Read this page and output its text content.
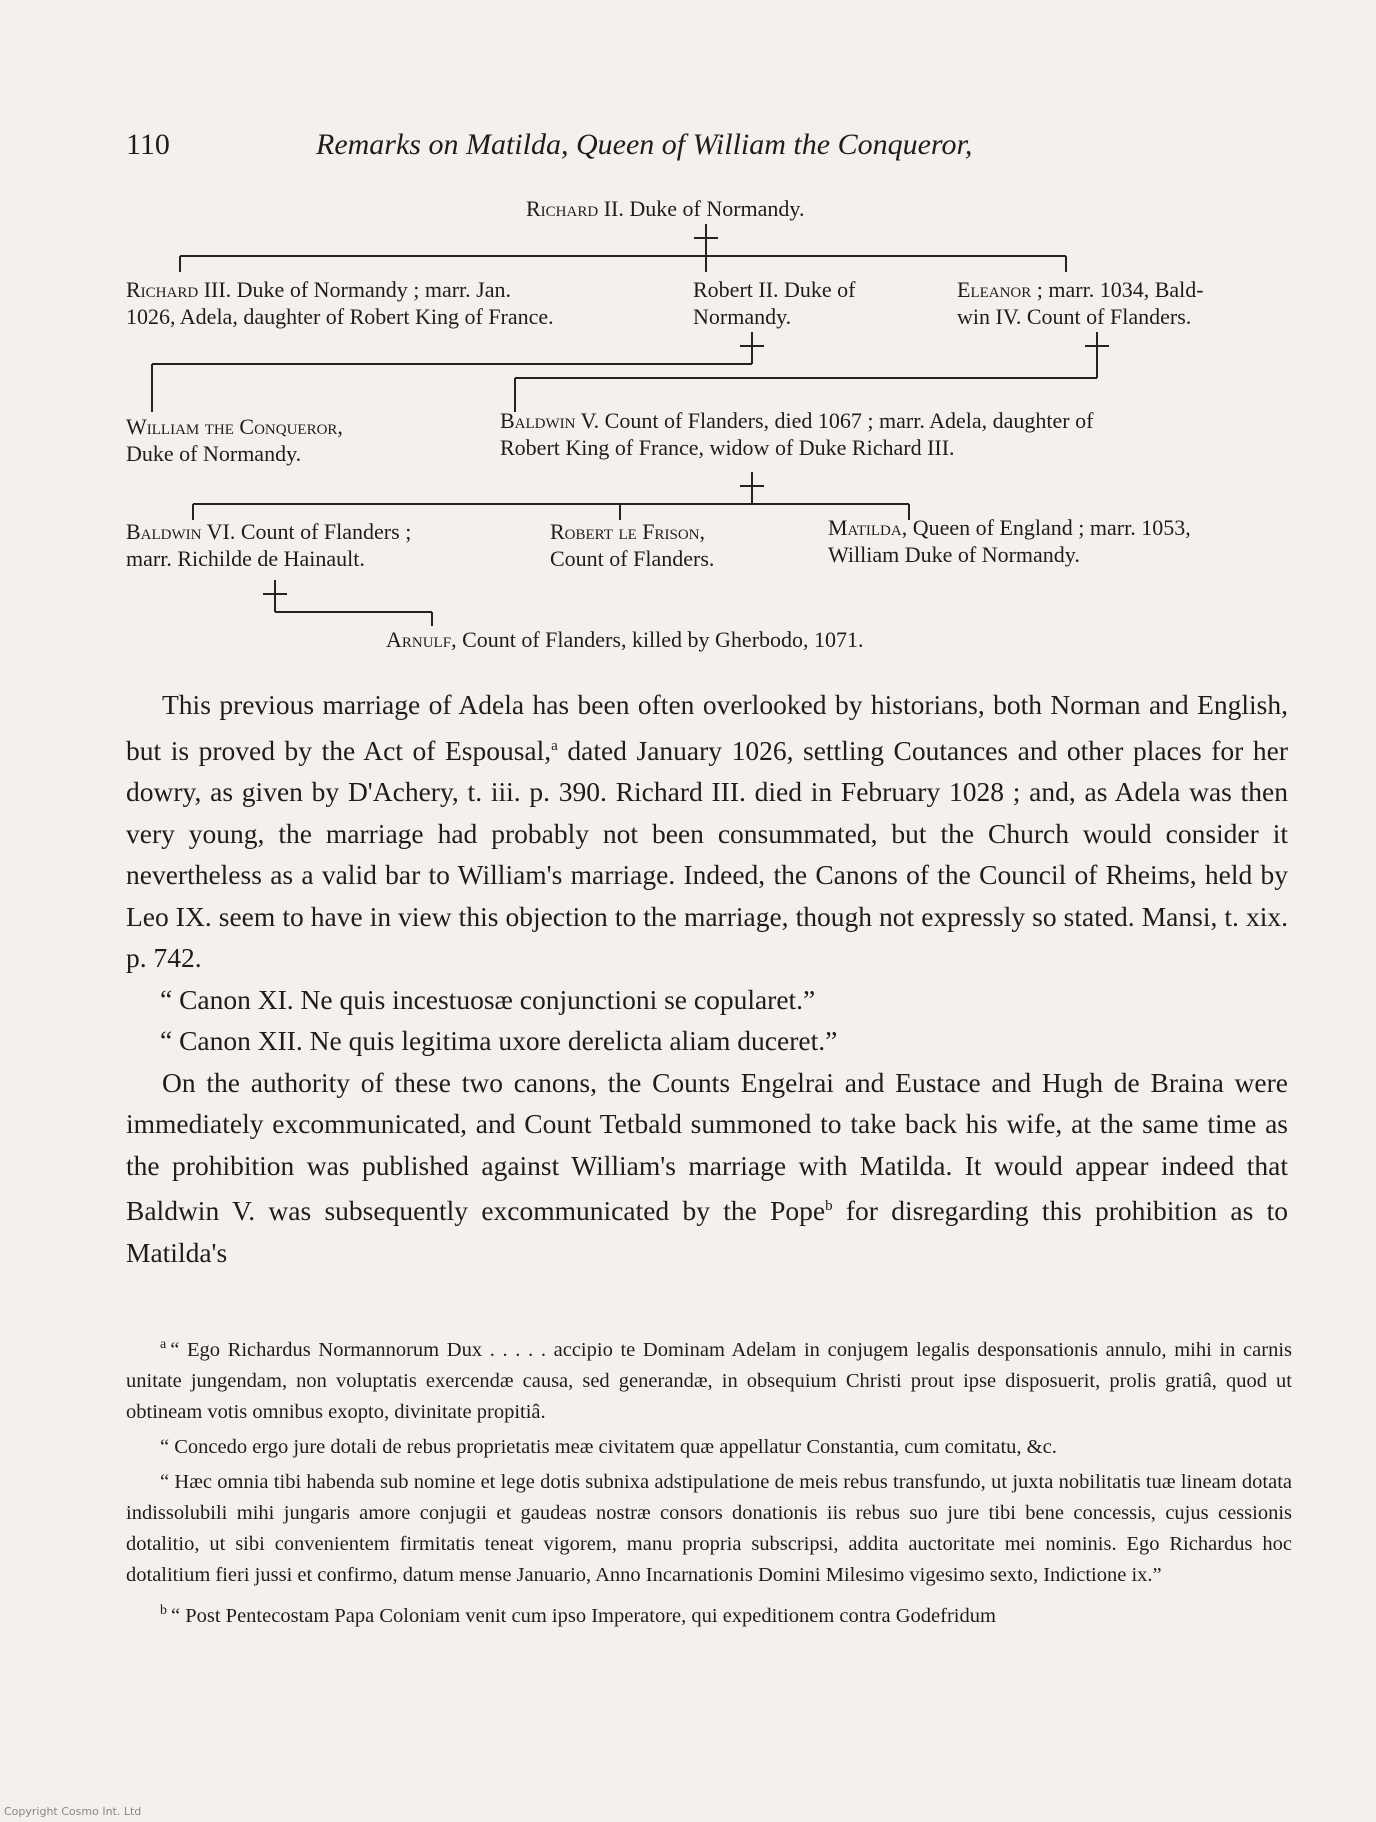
110	Remarks on Matilda, Queen of William the Conqueror,
Richard II. Duke of Normandy.
Richard III. Duke of Normandy ; marr. Jan.
1026, Adela, daughter of Robert King of France.
Robert II. Duke of
Normandy.
Eleanor ; marr. 1034, Bald-
win IV. Count of Flanders.
William the Conqueror,
Duke of Normandy.
Baldwin V. Count of Flanders, died 1067 ; marr. Adela, daughter of
Robert King of France, widow of Duke Richard III.
Baldwin VI. Count of Flanders ;
marr. Richilde de Hainault.
Robert le Frison,
Count of Flanders.
Matilda, Queen of England ; marr. 1053,
William Duke of Normandy.
Arnulf, Count of Flanders, killed by Gherbodo, 1071.

This previous marriage of Adela has been often overlooked by historians, both Norman and English, but is proved by the Act of Espousal,$^a$ dated January 1026, settling Coutances and other places for her dowry, as given by D'Achery, t. iii. p. 390. Richard III. died in February 1028 ; and, as Adela was then very young, the marriage had probably not been consummated, but the Church would consider it nevertheless as a valid bar to William's marriage. Indeed, the Canons of the Council of Rheims, held by Leo IX. seem to have in view this objection to the marriage, though not expressly so stated. Mansi, t. xix. p. 742.

“ Canon XI. Ne quis incestuosæ conjunctioni se copularet.”

“ Canon XII. Ne quis legitima uxore derelicta aliam duceret.”

On the authority of these two canons, the Counts Engelrai and Eustace and Hugh de Braina were immediately excommunicated, and Count Tetbald summoned to take back his wife, at the same time as the prohibition was published against William's marriage with Matilda. It would appear indeed that Baldwin V. was subsequently excommunicated by the Pope$^b$ for disregarding this prohibition as to Matilda's

$^a$ “ Ego Richardus Normannorum Dux . . . . . accipio te Dominam Adelam in conjugem legalis desponsationis annulo, mihi in carnis unitate jungendam, non voluptatis exercendæ causa, sed generandæ, in obsequium Christi prout ipse disposuerit, prolis gratiâ, quod ut obtineam votis omnibus exopto, divinitate propitiâ.

“ Concedo ergo jure dotali de rebus proprietatis meæ civitatem quæ appellatur Constantia, cum comitatu, &c.

“ Hæc omnia tibi habenda sub nomine et lege dotis subnixa adstipulatione de meis rebus transfundo, ut juxta nobilitatis tuæ lineam dotata indissolubili mihi jungaris amore conjugii et gaudeas nostræ consors donationis iis rebus suo jure tibi bene concessis, cujus cessionis dotalitio, ut sibi convenientem firmitatis teneat vigorem, manu propria subscripsi, addita auctoritate mei nominis. Ego Richardus hoc dotalitium fieri jussi et confirmo, datum mense Januario, Anno Incarnationis Domini Milesimo vigesimo sexto, Indictione ix.”

$^b$ “ Post Pentecostam Papa Coloniam venit cum ipso Imperatore, qui expeditionem contra Godefridum

Copyright Cosmo Int. Ltd
